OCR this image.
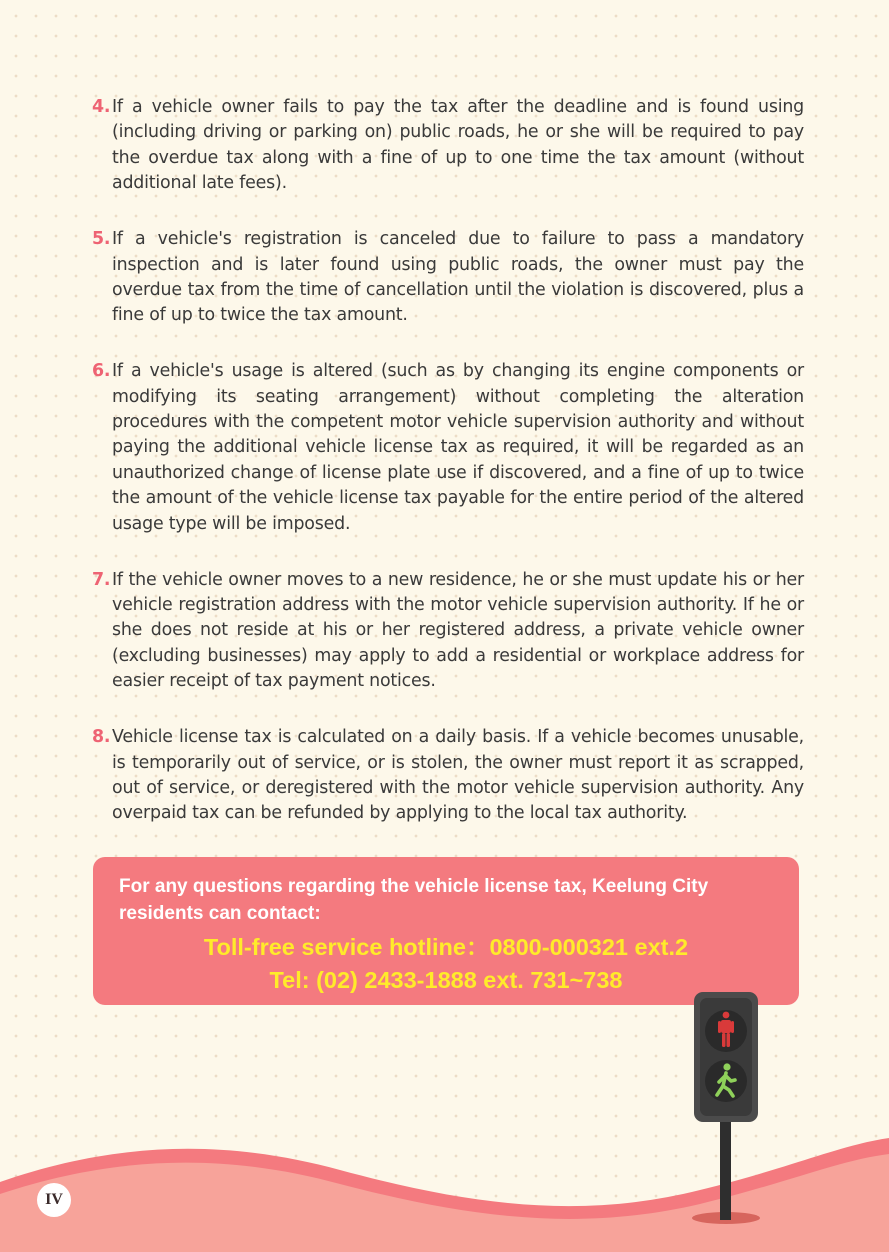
4. If a vehicle owner fails to pay the tax after the deadline and is found using (including driving or parking on) public roads, he or she will be required to pay the overdue tax along with a fine of up to one time the tax amount (without additional late fees).
5. If a vehicle's registration is canceled due to failure to pass a mandatory inspection and is later found using public roads, the owner must pay the overdue tax from the time of cancellation until the violation is discovered, plus a fine of up to twice the tax amount.
6. If a vehicle's usage is altered (such as by changing its engine components or modifying its seating arrangement) without completing the alteration procedures with the competent motor vehicle supervision authority and without paying the additional vehicle license tax as required, it will be regarded as an unauthorized change of license plate use if discovered, and a fine of up to twice the amount of the vehicle license tax payable for the entire period of the altered usage type will be imposed.
7. If the vehicle owner moves to a new residence, he or she must update his or her vehicle registration address with the motor vehicle supervision authority. If he or she does not reside at his or her registered address, a private vehicle owner (excluding businesses) may apply to add a residential or workplace address for easier receipt of tax payment notices.
8. Vehicle license tax is calculated on a daily basis. If a vehicle becomes unusable, is temporarily out of service, or is stolen, the owner must report it as scrapped, out of service, or deregistered with the motor vehicle supervision authority. Any overpaid tax can be refunded by applying to the local tax authority.
For any questions regarding the vehicle license tax, Keelung City residents can contact:
Toll-free service hotline：0800-000321 ext.2
Tel: (02) 2433-1888 ext. 731~738
IV
